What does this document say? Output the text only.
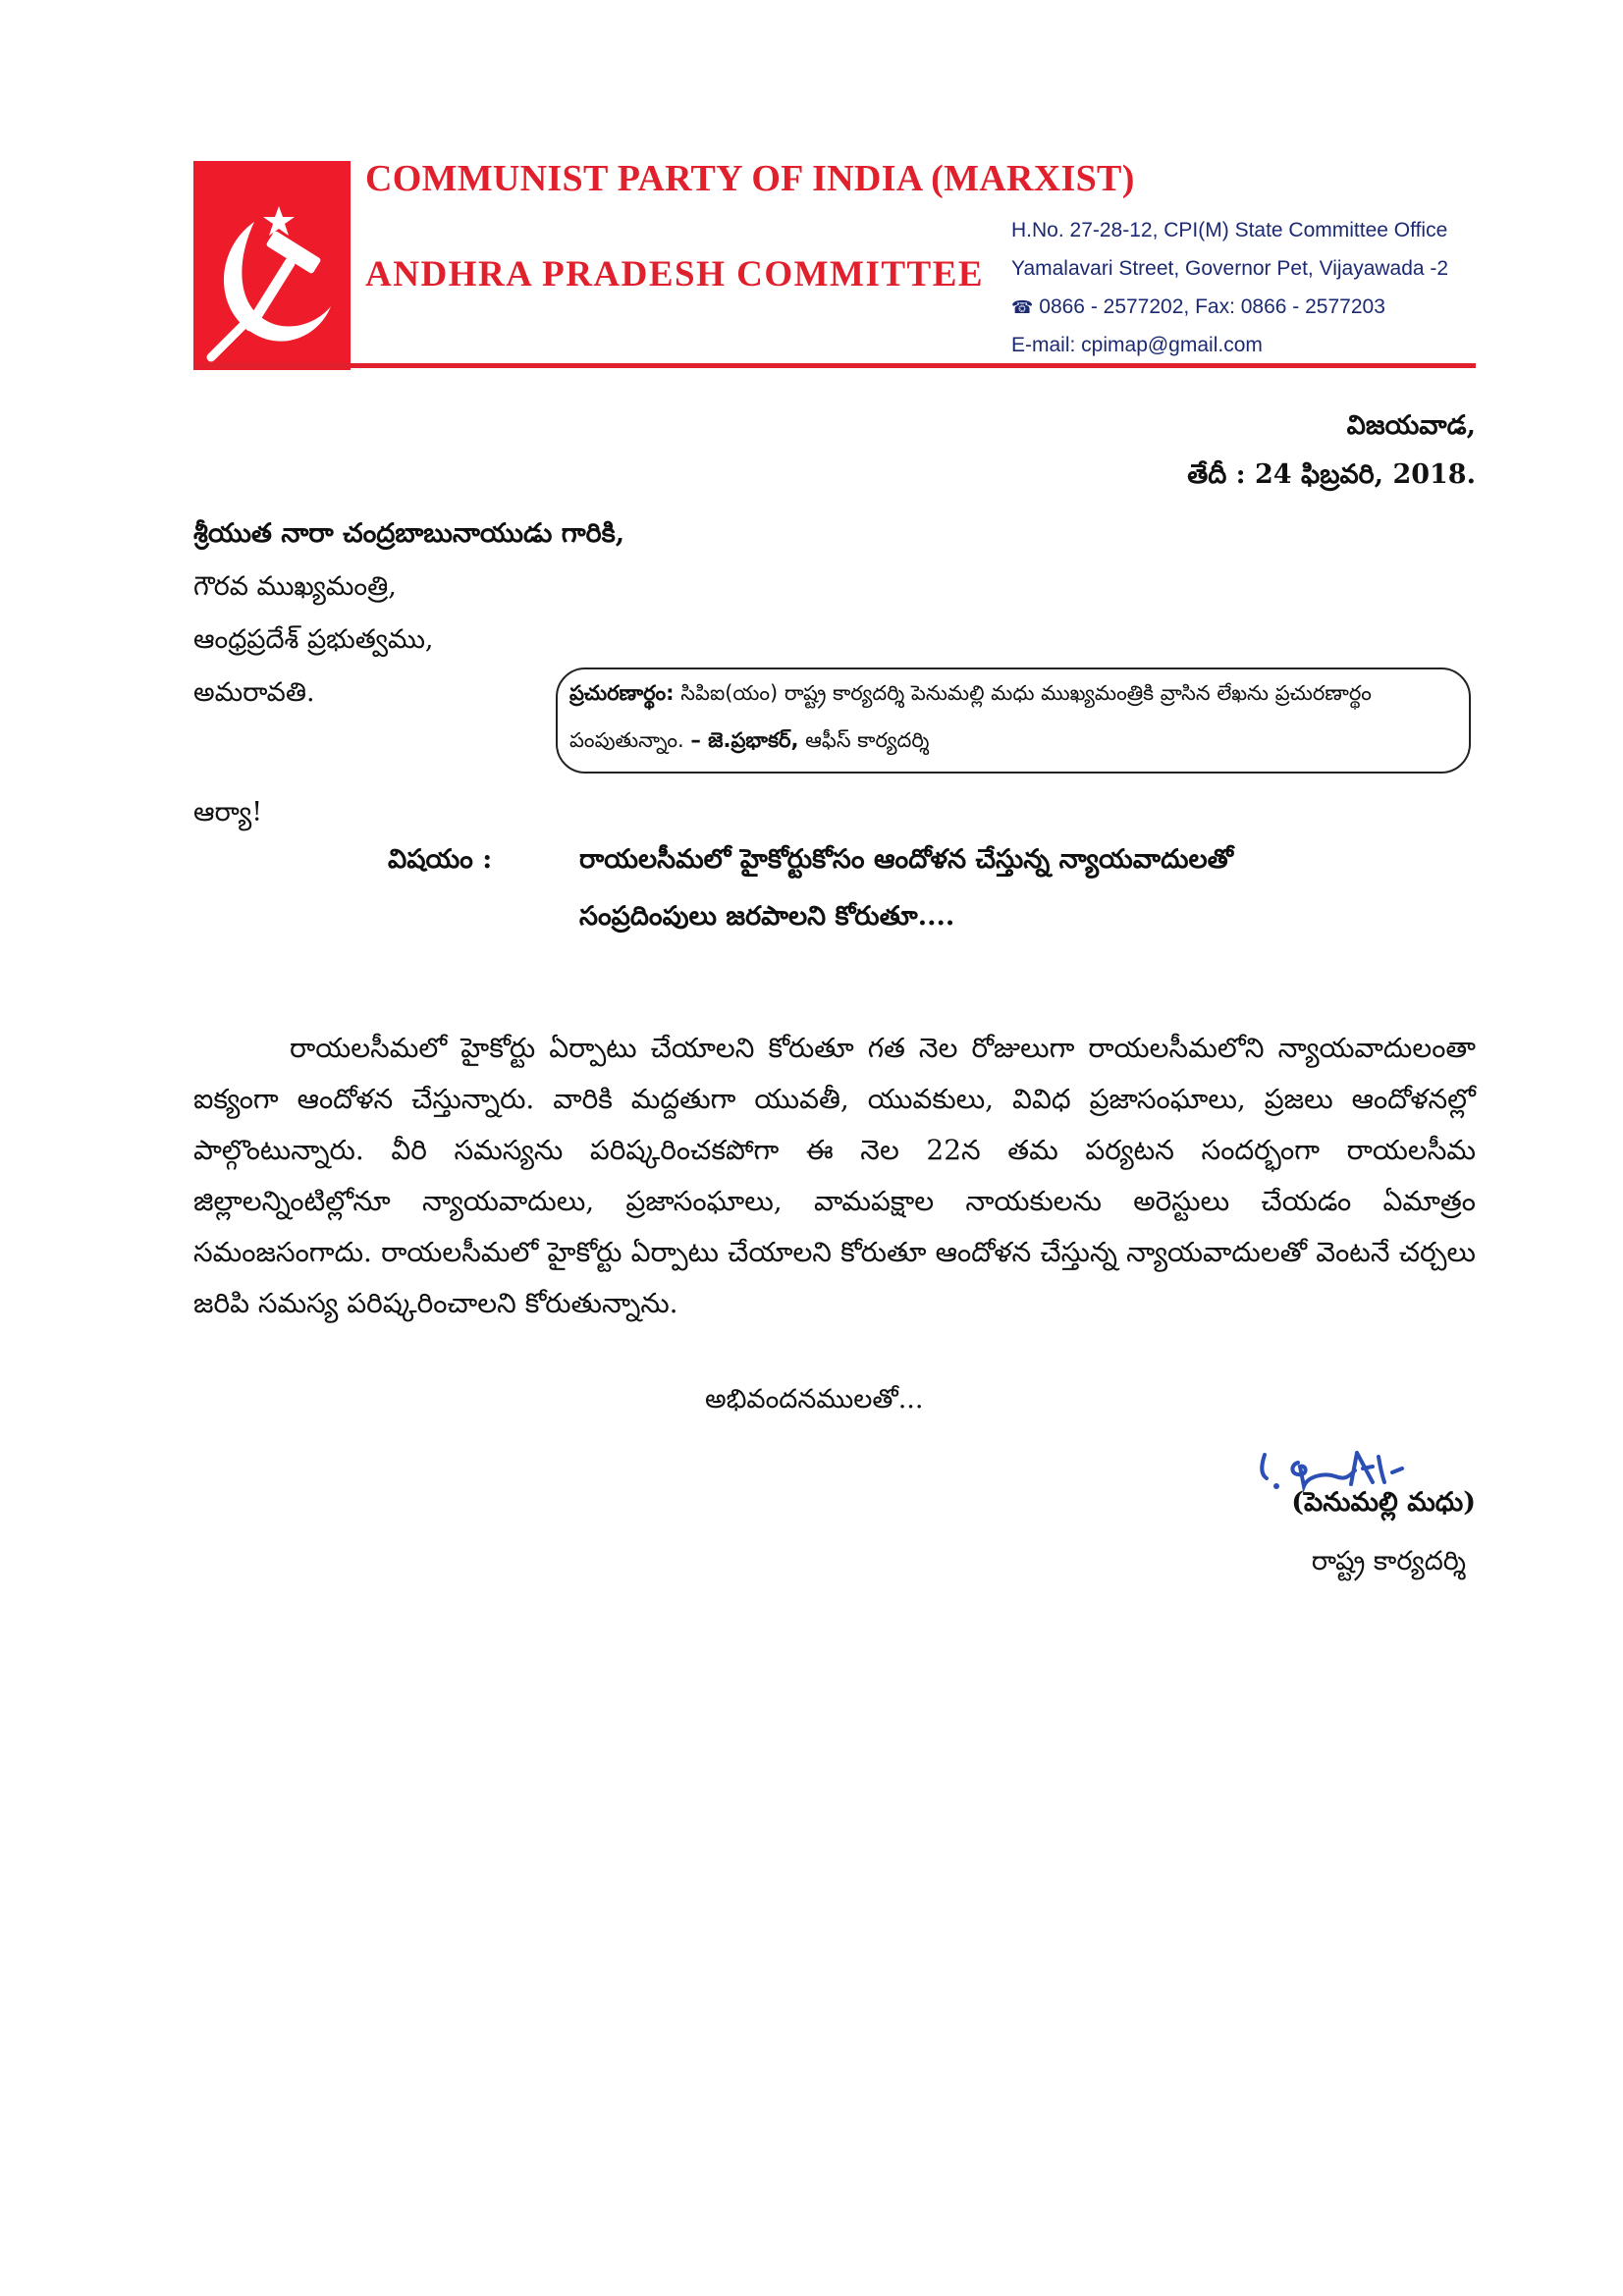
COMMUNIST PARTY OF INDIA (MARXIST)
ANDHRA PRADESH COMMITTEE
H.No. 27-28-12, CPI(M) State Committee Office
Yamalavari Street, Governor Pet, Vijayawada -2
☎ 0866 - 2577202, Fax: 0866 - 2577203
E-mail: cpimap@gmail.com
విజయవాడ,
తేదీ : 24 ఫిబ్రవరి, 2018.
శ్రీయుత నారా చంద్రబాబునాయుడు గారికి,
గౌరవ ముఖ్యమంత్రి,
ఆంధ్రప్రదేశ్ ప్రభుత్వము,
అమరావతి.	ప్రచురణార్థం: సిపిఐ(యం) రాష్ట్ర కార్యదర్శి పెనుమల్లి మధు ముఖ్యమంత్రికి వ్రాసిన లేఖను ప్రచురణార్థం
పంపుతున్నాం. – జె.ప్రభాకర్, ఆఫీస్ కార్యదర్శి
ఆర్యా!
విషయం :	రాయలసీమలో హైకోర్టుకోసం ఆందోళన చేస్తున్న న్యాయవాదులతో
సంప్రదింపులు జరపాలని కోరుతూ....
రాయలసీమలో హైకోర్టు ఏర్పాటు చేయాలని కోరుతూ గత నెల రోజులుగా రాయలసీమలోని న్యాయవాదులంతా ఐక్యంగా ఆందోళన చేస్తున్నారు. వారికి మద్దతుగా యువతీ, యువకులు, వివిధ ప్రజాసంఘాలు, ప్రజలు ఆందోళనల్లో పాల్గొంటున్నారు. వీరి సమస్యను పరిష్కరించకపోగా ఈ నెల 22న తమ పర్యటన సందర్భంగా రాయలసీమ జిల్లాలన్నింటిల్లోనూ న్యాయవాదులు, ప్రజాసంఘాలు, వామపక్షాల నాయకులను అరెస్టులు చేయడం ఏమాత్రం సమంజసంగాదు. రాయలసీమలో హైకోర్టు ఏర్పాటు చేయాలని కోరుతూ ఆందోళన చేస్తున్న న్యాయవాదులతో వెంటనే చర్చలు జరిపి సమస్య పరిష్కరించాలని కోరుతున్నాను.
అభివందనములతో...
(పెనుమల్లి మధు)
రాష్ట్ర కార్యదర్శి
